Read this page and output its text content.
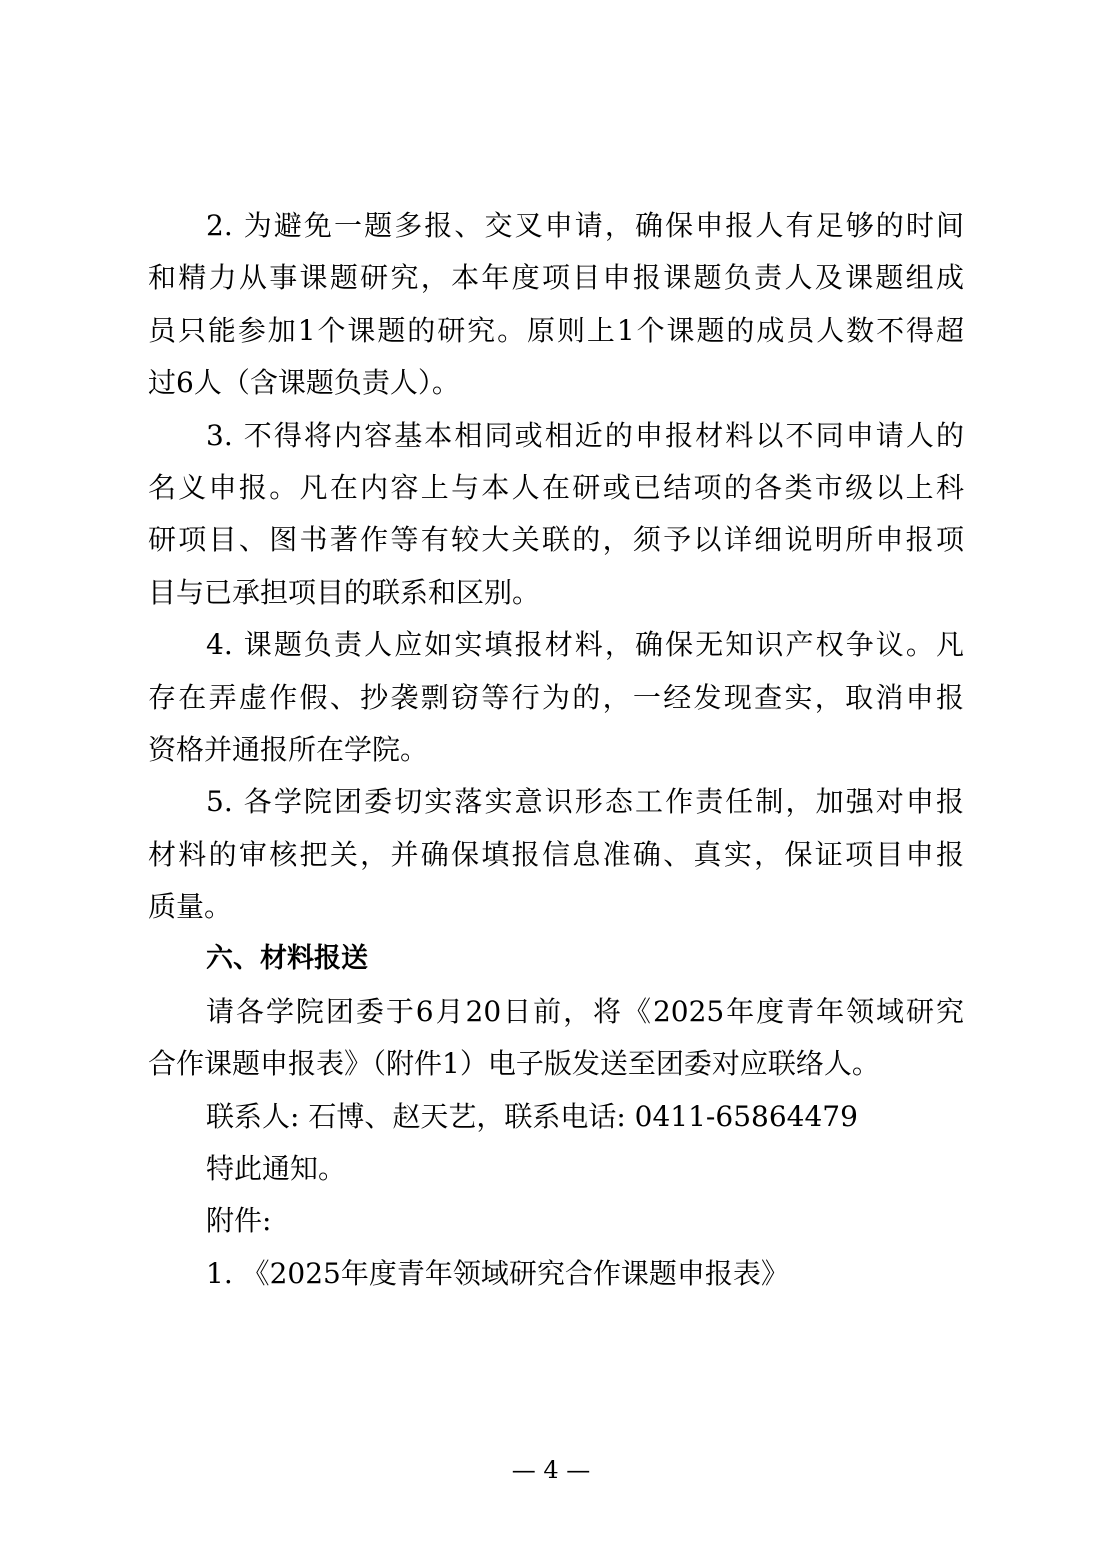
2. 为避免一题多报、交叉申请，确保申报人有足够的时间
和精力从事课题研究，本年度项目申报课题负责人及课题组成
员只能参加1个课题的研究。原则上1个课题的成员人数不得超
过6人（含课题负责人）。
3. 不得将内容基本相同或相近的申报材料以不同申请人的
名义申报。凡在内容上与本人在研或已结项的各类市级以上科
研项目、图书著作等有较大关联的，须予以详细说明所申报项
目与已承担项目的联系和区别。
4. 课题负责人应如实填报材料，确保无知识产权争议。凡
存在弄虚作假、抄袭剽窃等行为的，一经发现查实，取消申报
资格并通报所在学院。
5. 各学院团委切实落实意识形态工作责任制，加强对申报
材料的审核把关，并确保填报信息准确、真实，保证项目申报
质量。
六、材料报送
请各学院团委于6月20日前，将《2025年度青年领域研究
合作课题申报表》（附件1）电子版发送至团委对应联络人。
联系人: 石博、赵天艺，联系电话: 0411-65864479
特此通知。
附件:
1. 《2025年度青年领域研究合作课题申报表》
— 4 —
